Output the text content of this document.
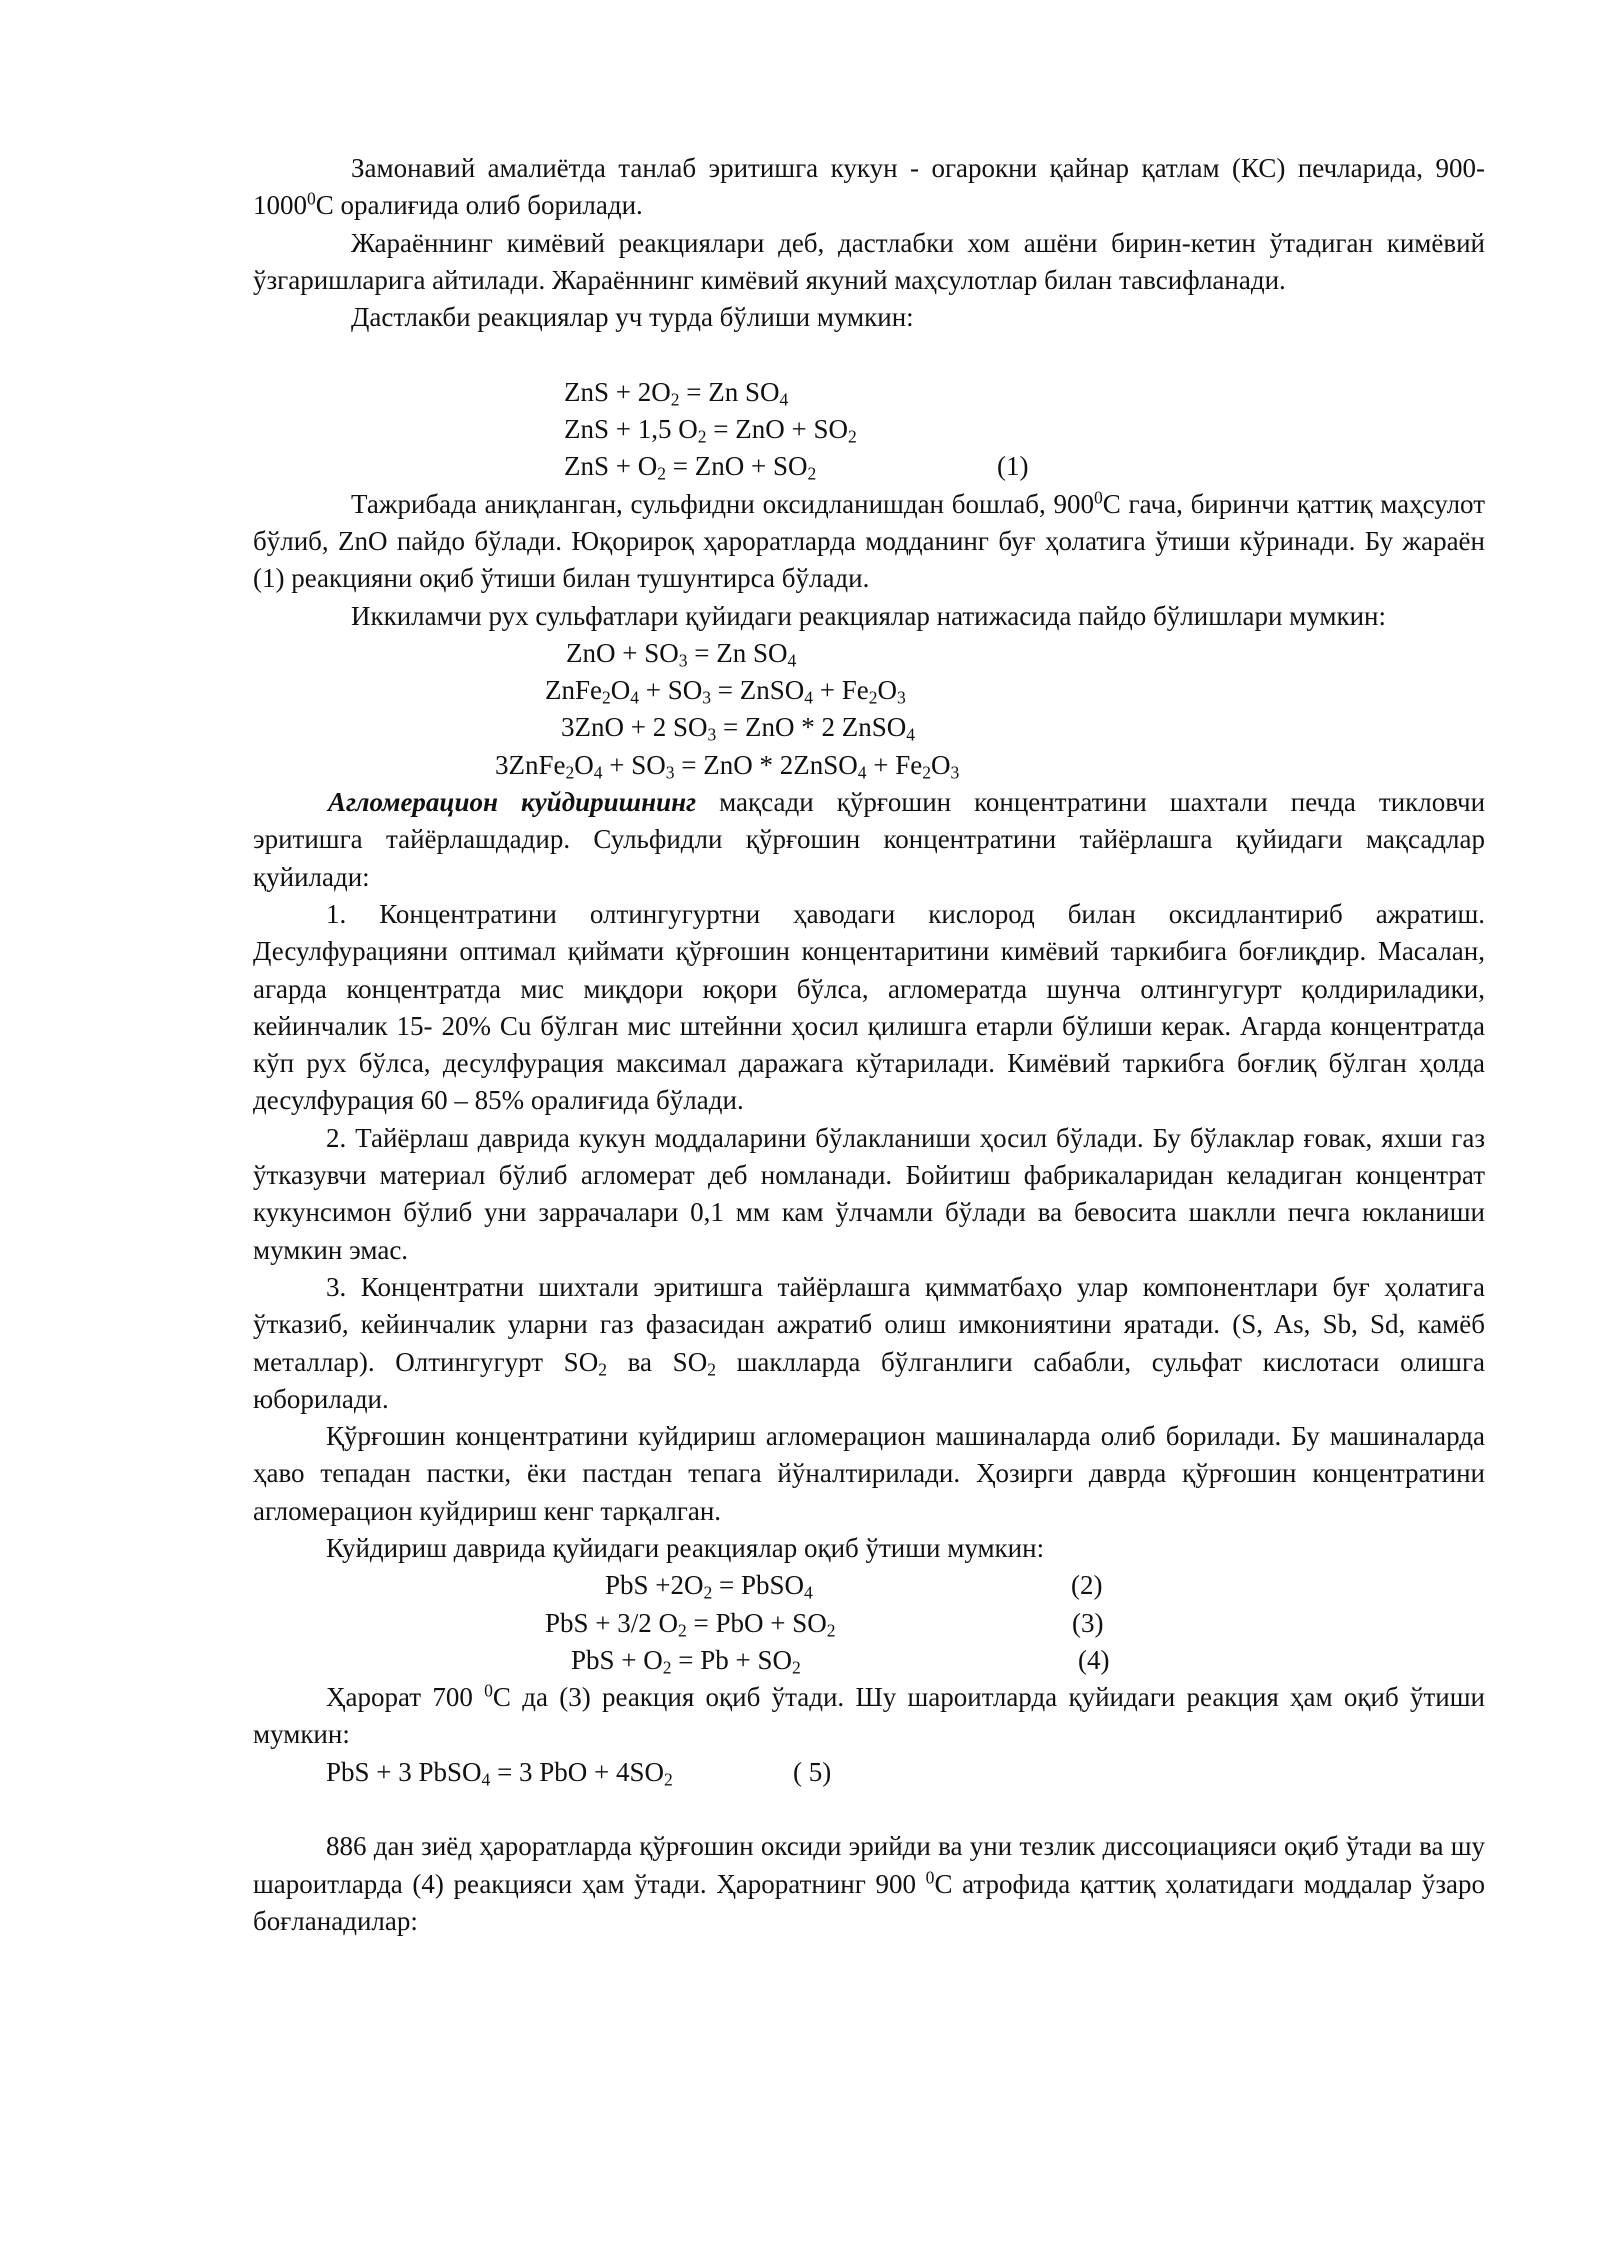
Замонавий амалиётда танлаб эритишга кукун - огарокни қайнар қатлам (КС) печларида, 900-1000$^0$С оралиғида олиб борилади.

Жараённинг кимёвий реакциялари деб, дастлабки хом ашёни бирин-кетин ўтадиган кимёвий ўзгаришларига айтилади. Жараённинг кимёвий якуний маҳсулотлар билан тавсифланади.

Дастлакби реакциялар уч турда бўлиши мумкин:

ZnS + $2O_2 = Zn$ $SO_4$
ZnS + 1,5 $O_2$ = ZnO + $SO_2$
ZnS + $O_2$ = ZnO + $SO_2$	(1)

Тажрибада аниқланган, сульфидни оксидланишдан бошлаб, $900^0С$ гача, биринчи қаттиқ маҳсулот бўлиб, ZnO пайдо бўлади. Юқорироқ ҳароратларда модданинг буғ ҳолатига ўтиши кўринади. Бу жараён (1) реакцияни оқиб ўтиши билан тушунтирса бўлади.

Иккиламчи рух сульфатлари қуйидаги реакциялар натижасида пайдо бўлишлари мумкин:

ZnO + $SO_3 = Zn$ $SO_4$
$ZnFe_2O_4 + SO_3$ = ZnSO$_4$ + $Fe_2O_3$
3ZnO + 2 $SO_3$ = ZnO * 2 ZnSO$_4$
$3ZnFe_2O_4 + SO_3$ = ZnO * 2ZnSO$_4$ + $Fe_2O_3$

Агломерацион куйдиришнинг мақсади қўрғошин концентратини шахтали печда тикловчи эритишга тайёрлашдадир. Сульфидли қўрғошин концентратини тайёрлашга қуйидаги мақсадлар қуйилади:

1. Концентратини олтингугуртни ҳаводаги кислород билан оксидлантириб ажратиш. Десулфурацияни оптимал қиймати қўрғошин концентаритини кимёвий таркибига боғлиқдир. Масалан, агарда концентратда мис миқдори юқори бўлса, агломератда шунча олтингугурт қолдириладики, кейинчалик 15- 20% Cu бўлган мис штейнни ҳосил қилишга етарли бўлиши керак. Агарда концентратда кўп рух бўлса, десулфурация максимал даражага кўтарилади. Кимёвий таркибга боғлиқ бўлган ҳолда десулфурация 60 – 85% оралиғида бўлади.

2. Тайёрлаш даврида кукун моддаларини бўлакланиши ҳосил бўлади. Бу бўлаклар ғовак, яхши газ ўтказувчи материал бўлиб агломерат деб номланади. Бойитиш фабрикаларидан келадиган концентрат кукунсимон бўлиб уни заррачалари 0,1 мм кам ўлчамли бўлади ва бевосита шаклли печга юкланиши мумкин эмас.

3. Концентратни шихтали эритишга тайёрлашга қимматбаҳо улар компонентлари буғ ҳолатига ўтказиб, кейинчалик уларни газ фазасидан ажратиб олиш имкониятини яратади. (S, As, Sb, Sd, камёб металлар). Олтингугурт $SO_2$ ва $SO_2$ шаклларда бўлганлиги сабабли, сульфат кислотаси олишга юборилади.

Қўрғошин концентратини куйдириш агломерацион машиналарда олиб борилади. Бу машиналарда ҳаво тепадан пастки, ёки пастдан тепага йўналтирилади. Ҳозирги даврда қўрғошин концентратини агломерацион куйдириш кенг тарқалган.

Куйдириш даврида қуйидаги реакциялар оқиб ўтиши мумкин:

PbS $+2O_2$ = PbSO$_4$	(2)
PbS + 3/2 $O_2$ = PbO + $SO_2$	(3)
PbS + $O_2 = Pb + SO_2$	(4)

Ҳарорат 700 $^0$С да (3) реакция оқиб ўтади. Шу шароитларда қуйидаги реакция ҳам оқиб ўтиши мумкин:

PbS + 3 PbSO$_4$ = 3 PbO + $4SO_2$	( 5)

886 дан зиёд ҳароратларда қўрғошин оксиди эрийди ва уни тезлик диссоциацияси оқиб ўтади ва шу шароитларда (4) реакцияси ҳам ўтади. Ҳароратнинг 900 $^0$С атрофида қаттиқ ҳолатидаги моддалар ўзаро боғланадилар:
